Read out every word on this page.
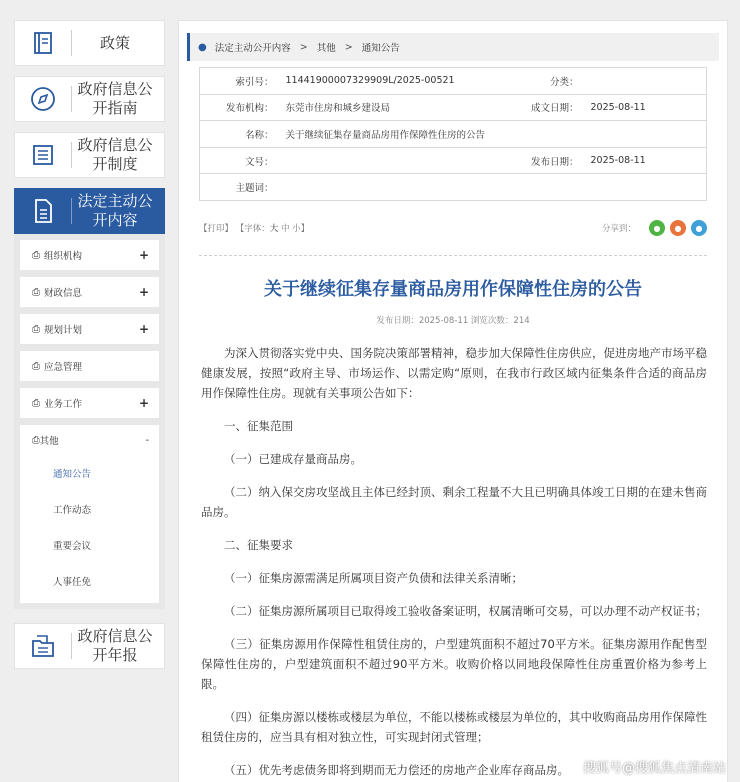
政策
政府信息公开指南
政府信息公开制度
法定主动公开内容
⎙ 组织机构	+
⎙ 财政信息	+
⎙ 规划计划	+
⎙ 应急管理
⎙ 业务工作	+
⎙ 其他	-
通知公告
工作动态
重要会议
人事任免
政府信息公开年报
● 法定主动公开内容 > 其他 > 通知公告
索引号：	11441900007329909L/2025-00521	分类：	
发布机构：	东莞市住房和城乡建设局	成文日期：	2025-08-11
名称：	关于继续征集存量商品房用作保障性住房的公告		
文号：		发布日期：	2025-08-11
主题词：			
【打印】 【字体：大 中 小】	分享到：	●	●	●
关于继续征集存量商品房用作保障性住房的公告
发布日期：2025-08-11 浏览次数：214

为深入贯彻落实党中央、国务院决策部署精神，稳步加大保障性住房供应，促进房地产市场平稳健康发展，按照“政府主导、市场运作、以需定购“原则，在我市行政区域内征集条件合适的商品房用作保障性住房。现就有关事项公告如下：

一、征集范围

（一）已建成存量商品房。

（二）纳入保交房攻坚战且主体已经封顶、剩余工程量不大且已明确具体竣工日期的在建未售商品房。

二、征集要求

（一）征集房源需满足所属项目资产负债和法律关系清晰；

（二）征集房源所属项目已取得竣工验收备案证明，权属清晰可交易，可以办理不动产权证书；

（三）征集房源用作保障性租赁住房的，户型建筑面积不超过70平方米。征集房源用作配售型保障性住房的，户型建筑面积不超过90平方米。收购价格以同地段保障性住房重置价格为参考上限。

（四）征集房源以楼栋或楼层为单位，不能以楼栋或楼层为单位的，其中收购商品房用作保障性租赁住房的，应当具有相对独立性，可实现封闭式管理；

（五）优先考虑债务即将到期而无力偿还的房地产企业库存商品房。	搜狐号@搜狐焦点清南站
